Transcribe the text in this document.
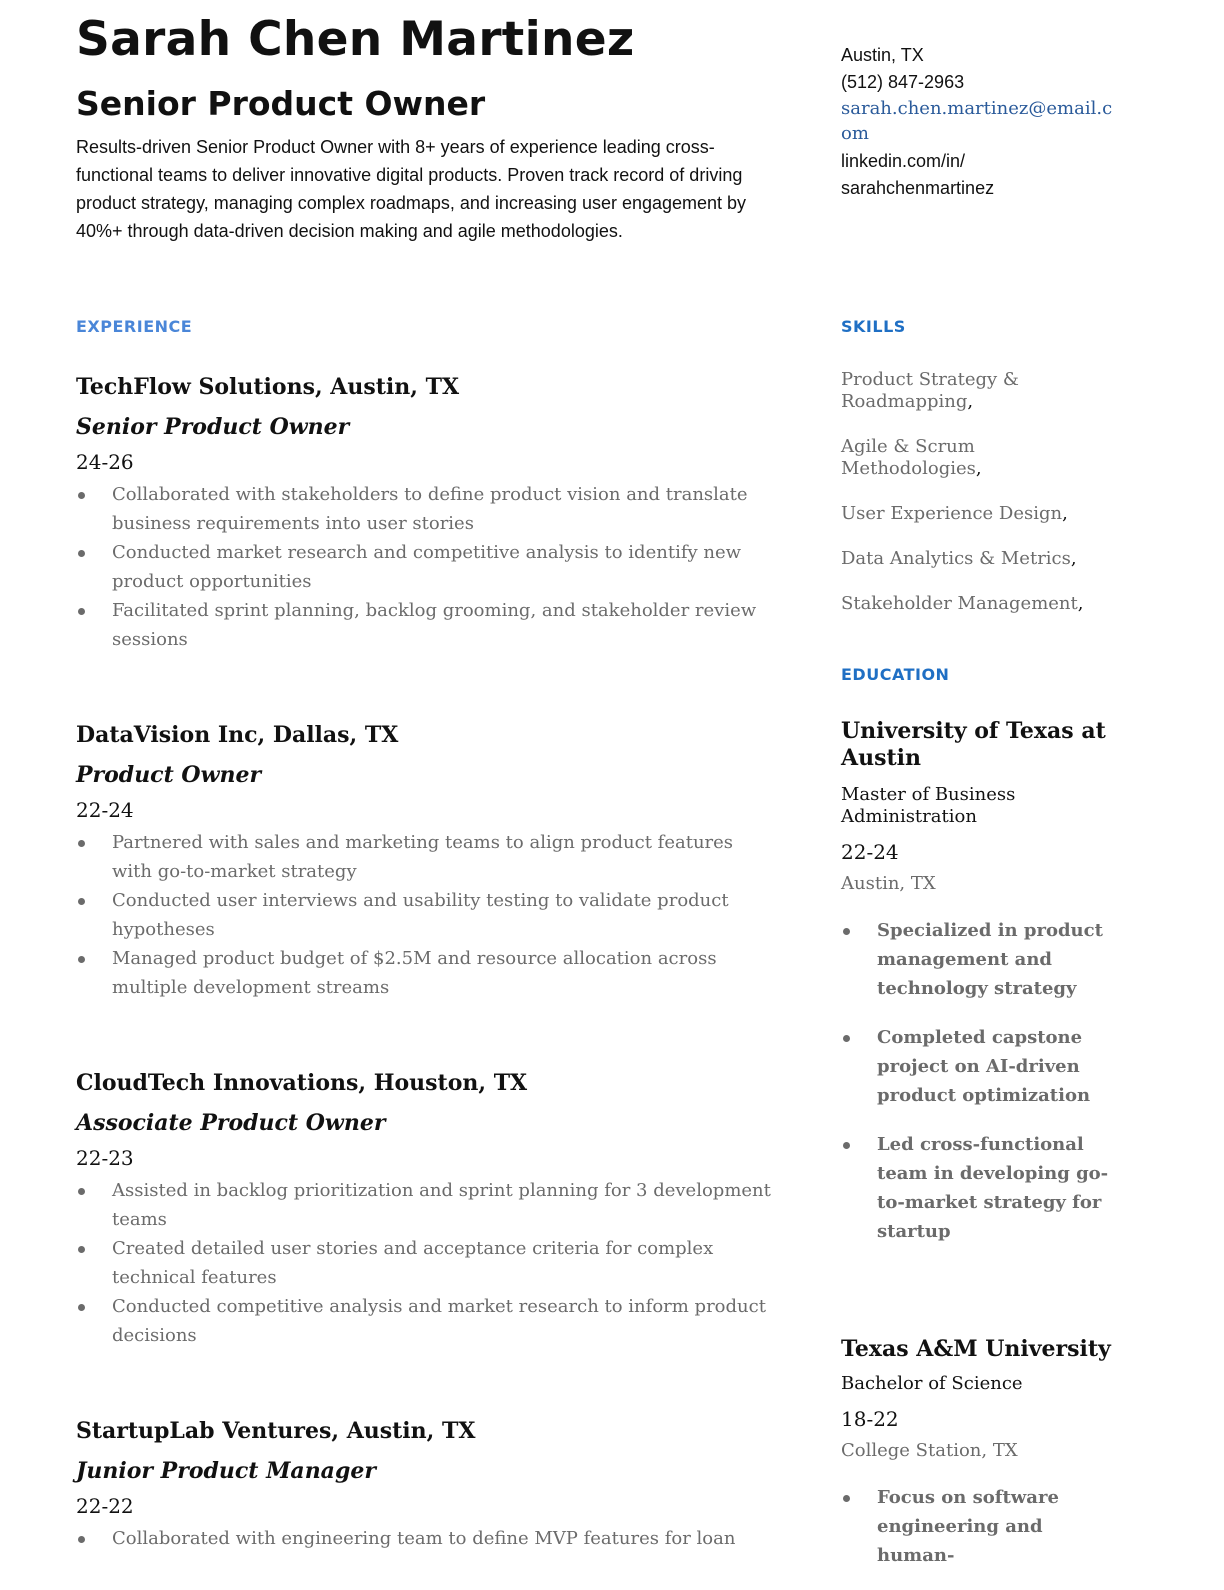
Sarah Chen Martinez
Senior Product Owner

Results-driven Senior Product Owner with 8+ years of experience leading cross-functional teams to deliver innovative digital products. Proven track record of driving product strategy, managing complex roadmaps, and increasing user engagement by 40%+ through data-driven decision making and agile methodologies.

Austin, TX
(512) 847-2963
sarah.chen.martinez@email.com
linkedin.com/in/ sarahchenmartinez
EXPERIENCE

TechFlow Solutions, Austin, TX

Senior Product Owner

24-26

Collaborated with stakeholders to define product vision and translate business requirements into user stories
Conducted market research and competitive analysis to identify new product opportunities
Facilitated sprint planning, backlog grooming, and stakeholder review sessions

DataVision Inc, Dallas, TX

Product Owner

22-24

Partnered with sales and marketing teams to align product features with go-to-market strategy
Conducted user interviews and usability testing to validate product hypotheses
Managed product budget of $2.5M and resource allocation across multiple development streams

CloudTech Innovations, Houston, TX

Associate Product Owner

22-23

Assisted in backlog prioritization and sprint planning for 3 development teams
Created detailed user stories and acceptance criteria for complex technical features
Conducted competitive analysis and market research to inform product decisions

StartupLab Ventures, Austin, TX

Junior Product Manager

22-22

Collaborated with engineering team to define MVP features for loan
SKILLS
Product Strategy & Roadmapping,
Agile & Scrum Methodologies,
User Experience Design,
Data Analytics & Metrics,
Stakeholder Management,
EDUCATION

University of Texas at Austin

Master of Business Administration

22-24

Austin, TX

Specialized in product management and technology strategy
Completed capstone project on AI-driven product optimization
Led cross-functional team in developing go-to-market strategy for startup

Texas A&M University

Bachelor of Science

18-22

College Station, TX

Focus on software engineering and human-
